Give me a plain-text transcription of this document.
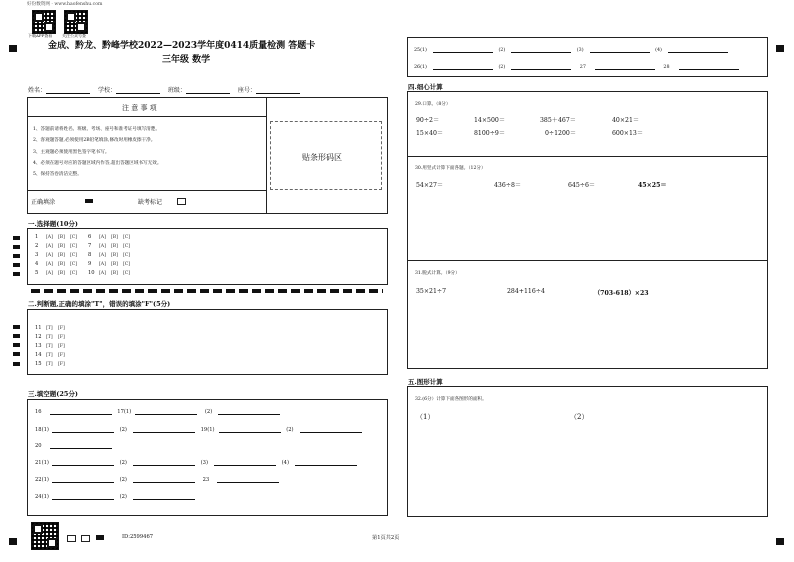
好份数资网 · www.haofenshu.com
下载APP查看 关注公众号查
金成、黔龙、黔峰学校2022—2023学年度0414质量检测 答题卡
三年级 数学
姓名：	学校：	班级：	座号：
注 意 事 项
1、答题前请将姓名、班级、考场、座号和准考证号填写清楚。
2、客观题答题,必须使用2B铅笔填涂,修改时用橡皮擦干净。
3、主观题必须使用黑色签字笔书写。
4、必须在题号对应的答题区域内作答,超出答题区域书写无效。
5、保持答卷清洁完整。
贴条形码区
正确填涂	缺考标记
一.选择题(10分)
1 [A] [B] [C]	6 [A] [B] [C]
2 [A] [B] [C]	7 [A] [B] [C]
3 [A] [B] [C]	8 [A] [B] [C]
4 [A] [B] [C]	9 [A] [B] [C]
5 [A] [B] [C]	10 [A] [B] [C]
二.判断题,正确的填涂"T"，错误的填涂"F"(5分)
11 [T] [F]
12 [T] [F]
13 [T] [F]
14 [T] [F]
15 [T] [F]
三.填空题(25分)
16	17(1)	(2)
18(1)	(2)	19(1)	(2)
20
21(1)	(2)	(3)	(4)
22(1)	(2)	23
24(1)	(2)
ID:2599467	第1页共2页
25(1)	(2)	(3)	(4)
26(1)	(2)	27	28
四.细心计算
29.口算。（8分）
90÷2＝	14×500＝	385＋467＝	40×21＝
15×40＝	8100÷9＝	0÷1200＝	600×13＝
30.用竖式计算下面各题。（12分）
54×27＝	436÷8＝	645÷6＝	45×25＝
31.脱式计算。（9分）
35×21÷7	284+116÷4	（703-618）×23
五.图形计算
32.(6分）计算下面各图形的面积。
（1）	（2）
